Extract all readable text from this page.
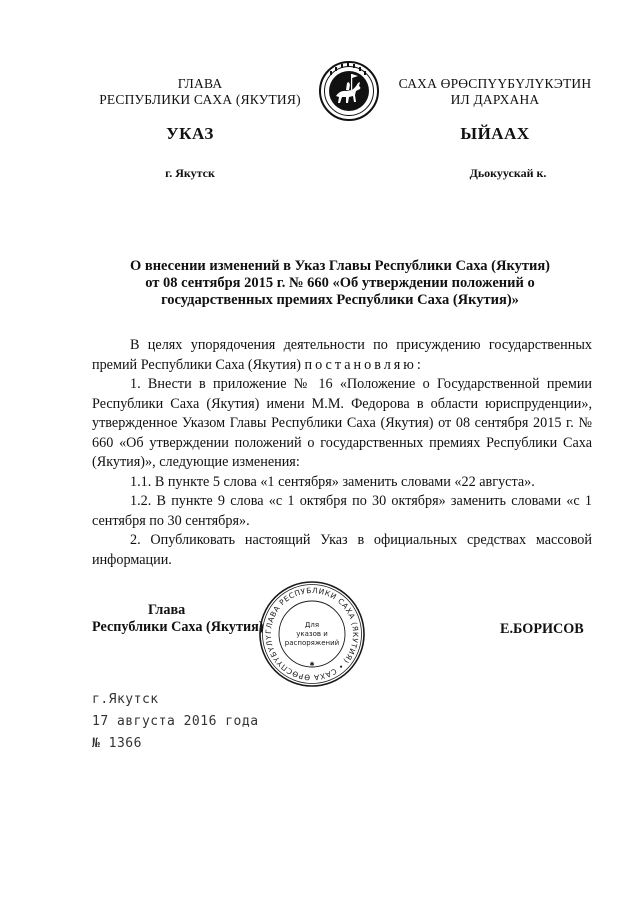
ГЛАВА
РЕСПУБЛИКИ САХА (ЯКУТИЯ)
САХА ӨРӨСПҮҮБҮЛҮКЭТИН
ИЛ ДАРХАНА
УКАЗ	ЫЙААХ
г. Якутск	Дьокуускай к.
О внесении изменений в Указ Главы Республики Саха (Якутия)
от 08 сентября 2015 г. № 660 «Об утверждении положений о
государственных премиях Республики Саха (Якутия)»

В целях упорядочения деятельности по присуждению государственных премий Республики Саха (Якутия) постановляю:

1. Внести в приложение № 16 «Положение о Государственной премии Республики Саха (Якутия) имени М.М. Федорова в области юриспруденции», утвержденное Указом Главы Республики Саха (Якутия) от 08 сентября 2015 г. № 660 «Об утверждении положений о государственных премиях Республики Саха (Якутия)», следующие изменения:

1.1. В пункте 5 слова «1 сентября» заменить словами «22 августа».

1.2. В пункте 9 слова «с 1 октября по 30 октября» заменить словами «с 1 сентября по 30 сентября».

2. Опубликовать настоящий Указ в официальных средствах массовой информации.

Глава
Республики Саха (Якутия)	Е.БОРИСОВ
ГЛАВА РЕСПУБЛИКИ САХА (ЯКУТИЯ) • САХА ӨРӨСПҮҮБҮЛҮ
✱
Для
указов и
распоряжений
г.Якутск
17 августа 2016 года
№ 1366
